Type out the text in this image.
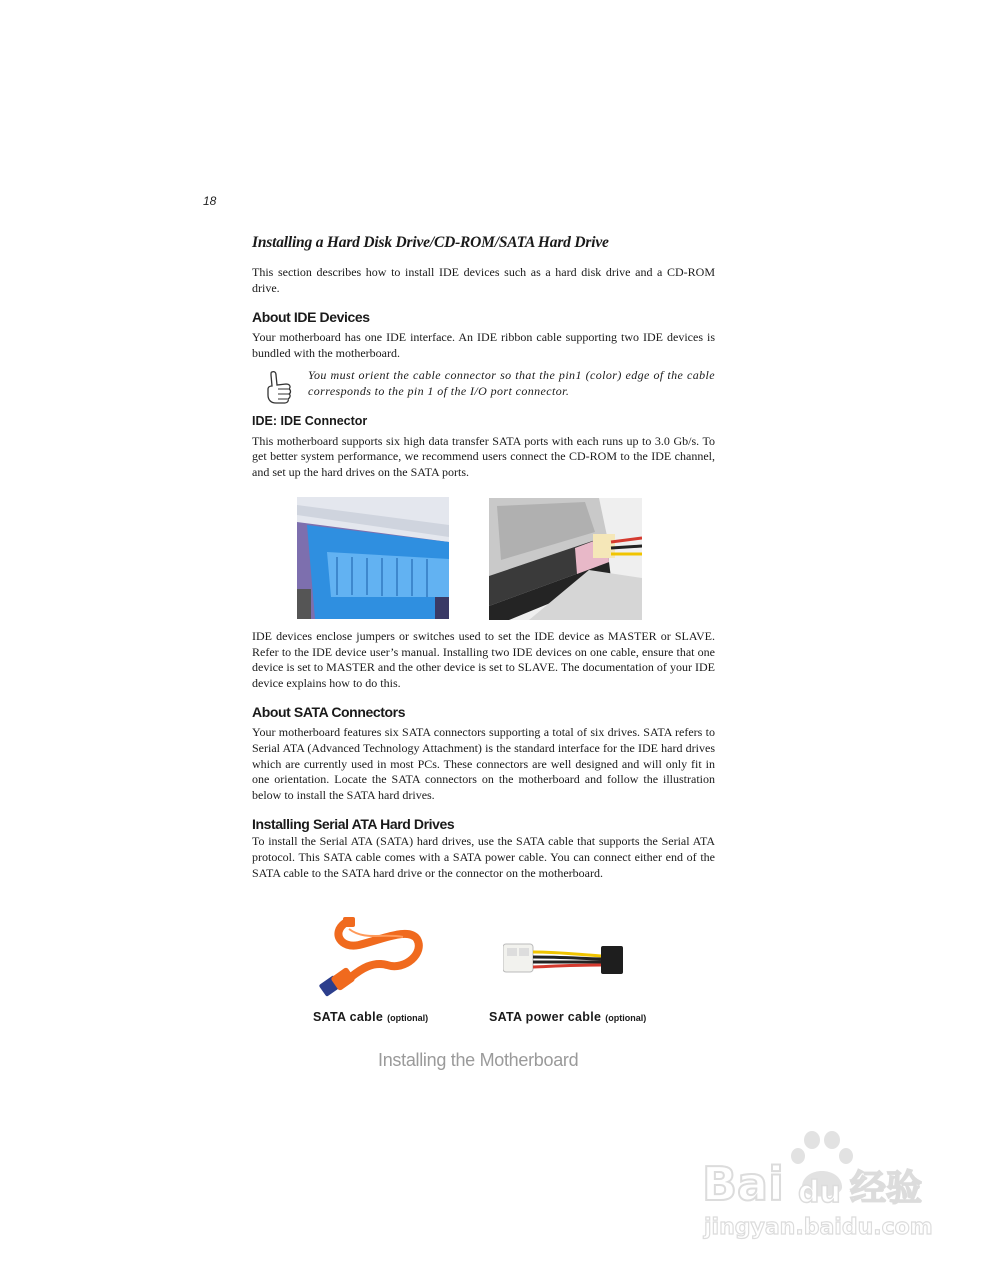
18
Installing a Hard Disk Drive/CD-ROM/SATA Hard Drive

This section describes how to install IDE devices such as a hard disk drive and a CD-ROM drive.

About IDE Devices

Your motherboard has one IDE interface. An IDE ribbon cable supporting two IDE devices is bundled with the motherboard.

You must orient the cable connector so that the pin1 (color) edge of the cable corresponds to the pin 1 of the I/O port connector.

IDE: IDE Connector

This motherboard supports six high data transfer SATA ports with each runs up to 3.0 Gb/s. To get better system performance, we recommend users connect the CD-ROM to the IDE channel, and set up the hard drives on the SATA ports.

IDE devices enclose jumpers or switches used to set the IDE device as MASTER or SLAVE. Refer to the IDE device user’s manual. Installing two IDE devices on one cable, ensure that one device is set to MASTER and the other device is set to SLAVE. The documentation of your IDE device explains how to do this.

About SATA Connectors

Your motherboard features six SATA connectors supporting a total of six drives. SATA refers to Serial ATA (Advanced Technology Attachment) is the standard interface for the IDE hard drives which are currently used in most PCs. These connectors are well designed and will only fit in one orientation. Locate the SATA connectors on the motherboard and follow the illustration below to install the SATA hard drives.

Installing Serial ATA Hard Drives

To install the Serial ATA (SATA) hard drives, use the SATA cable that supports the Serial ATA protocol. This SATA cable comes with a SATA power cable. You can connect either end of the SATA cable to the SATA hard drive or the connector on the motherboard.

SATA cable (optional)	SATA power cable (optional)
Installing the Motherboard
Bai du 经验
jingyan.baidu.com
